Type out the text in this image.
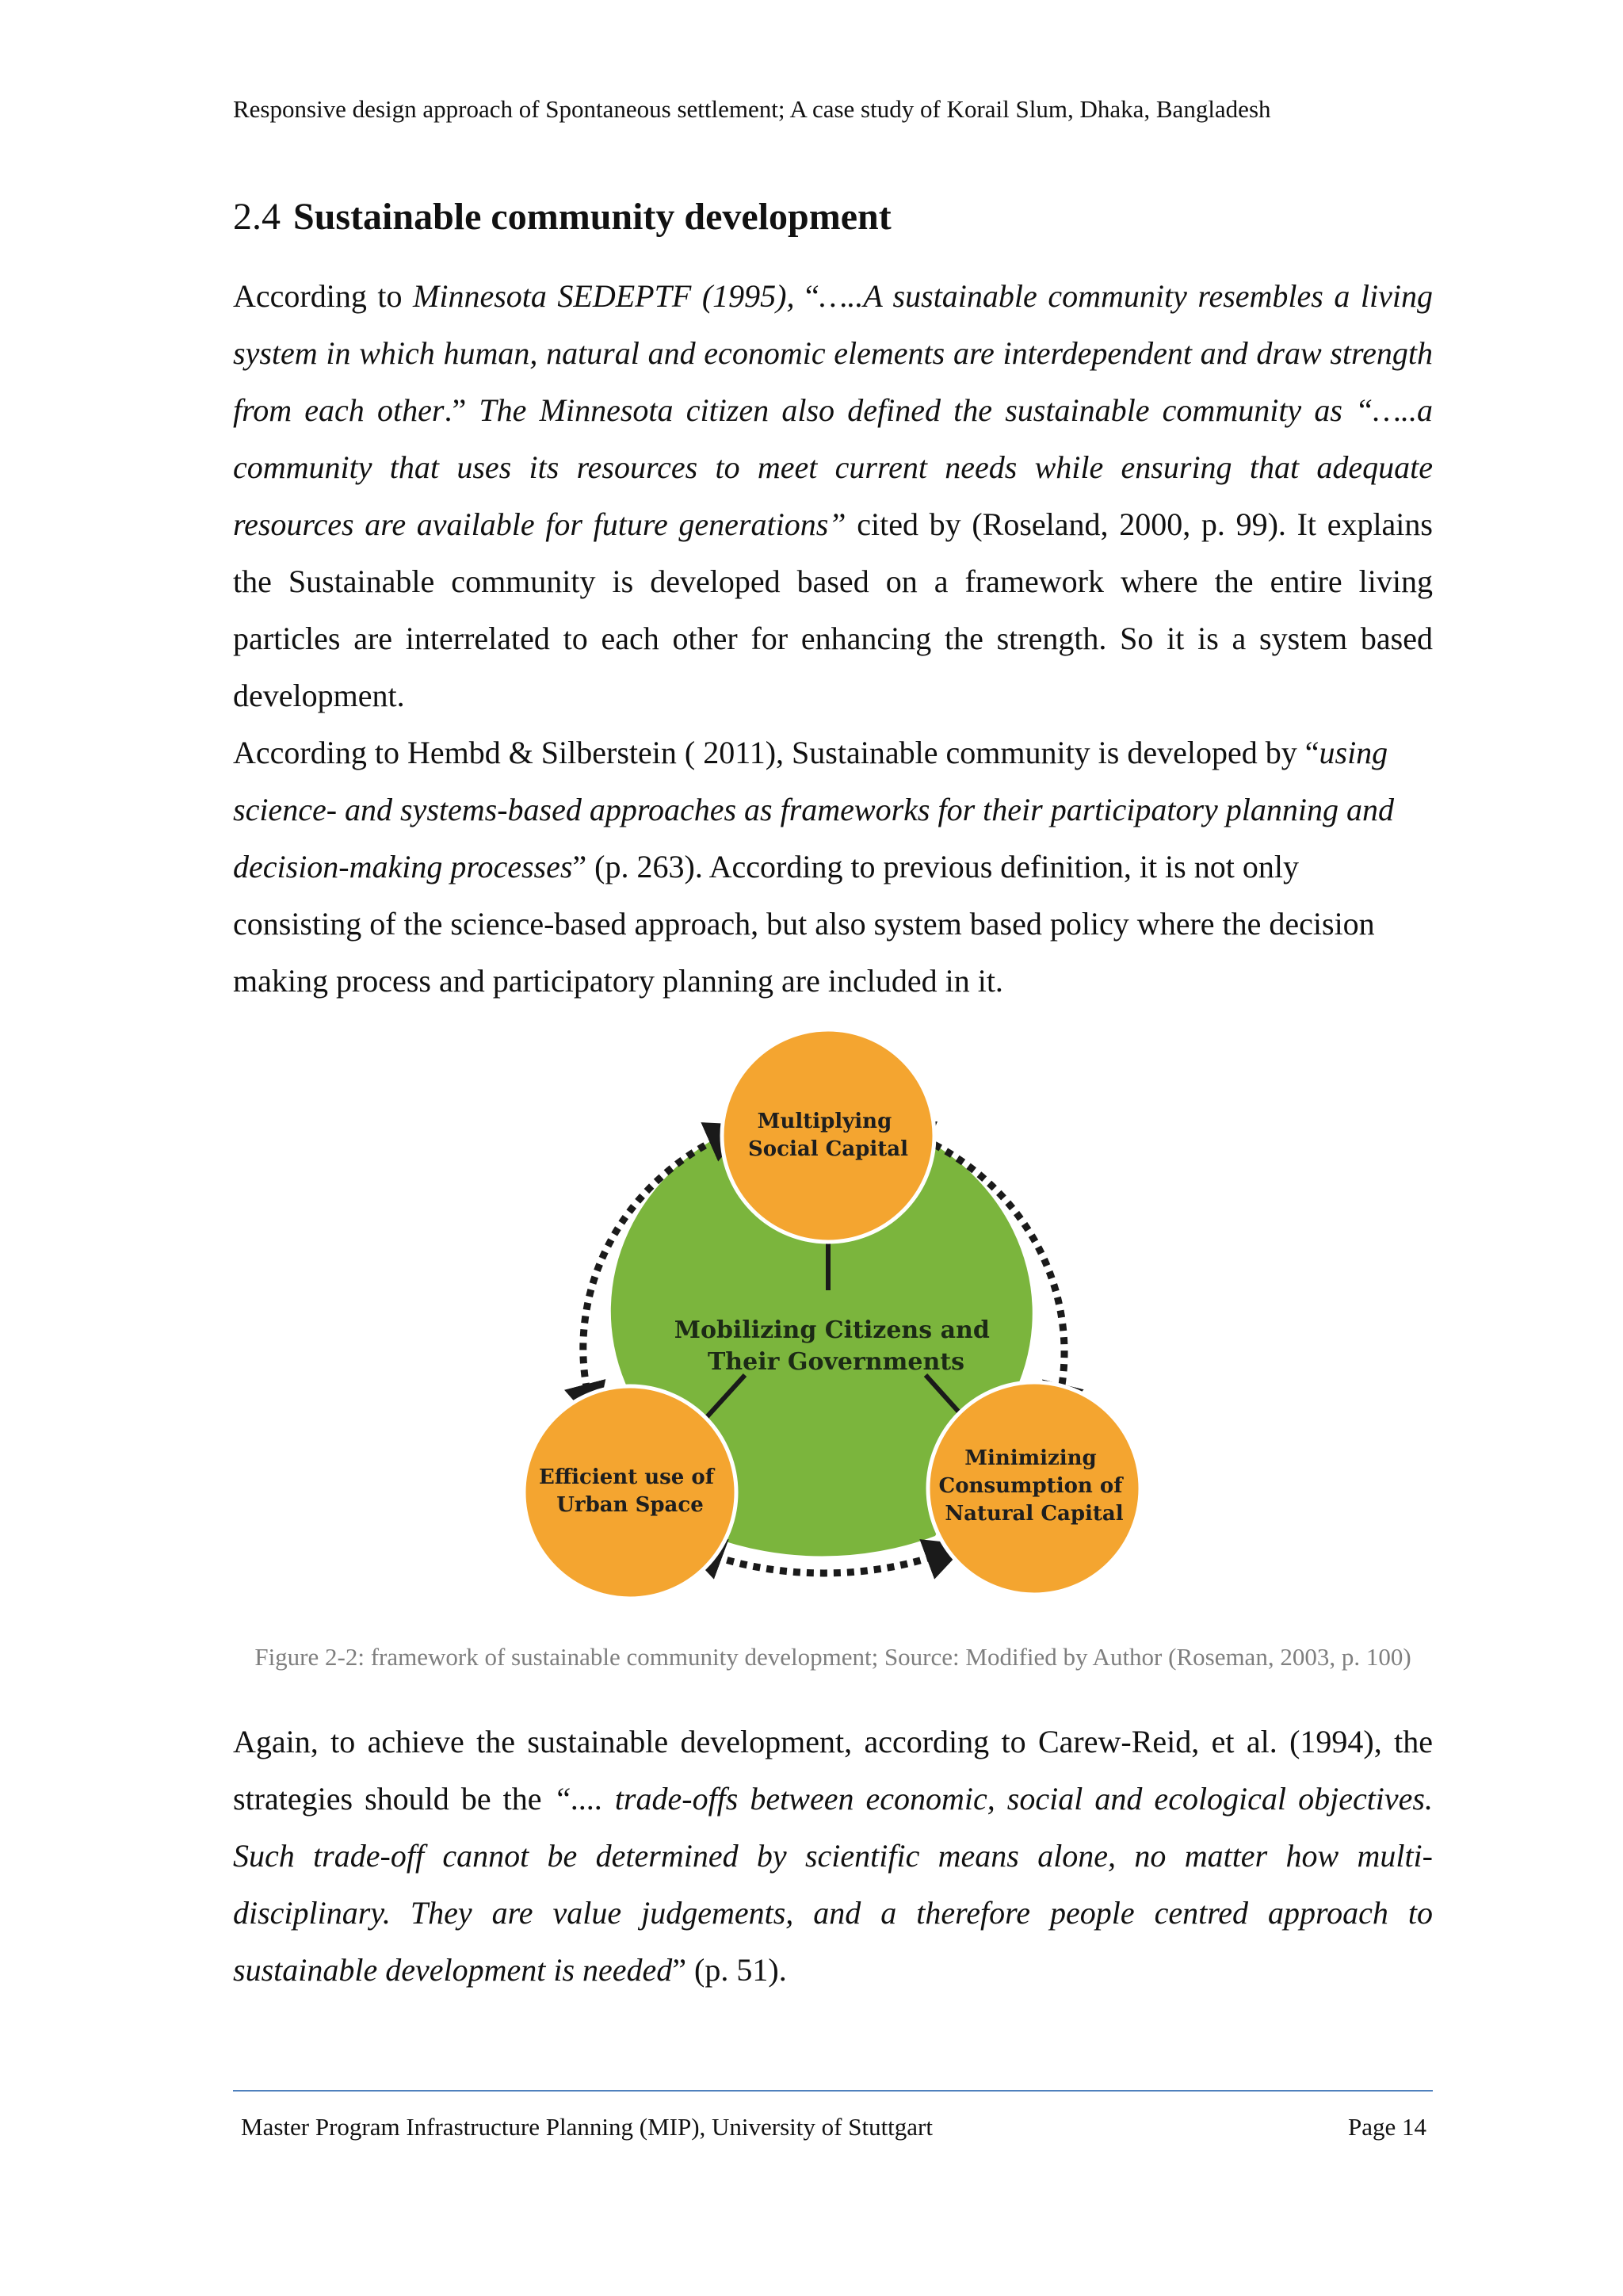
Responsive design approach of Spontaneous settlement; A case study of Korail Slum, Dhaka, Bangladesh
2.4 Sustainable community development

According to Minnesota SEDEPTF (1995), “…..A sustainable community resembles a living system in which human, natural and economic elements are interdependent and draw strength from each other.” The Minnesota citizen also defined the sustainable community as “…..a community that uses its resources to meet current needs while ensuring that adequate resources are available for future generations” cited by (Roseland, 2000, p. 99). It explains the Sustainable community is developed based on a framework where the entire living particles are interrelated to each other for enhancing the strength. So it is a system based development.

According to Hembd & Silberstein ( 2011), Sustainable community is developed by “using science- and systems-based approaches as frameworks for their participatory planning and decision-making processes” (p. 263). According to previous definition, it is not only consisting of the science-based approach, but also system based policy where the decision making process and participatory planning are included in it.

Multiplying Social Capital
Mobilizing Citizens and Their Governments
Efficient use of Urban Space
Minimizing Consumption of Natural Capital
Figure 2-2: framework of sustainable community development; Source: Modified by Author (Roseman, 2003, p. 100)

Again, to achieve the sustainable development, according to Carew-Reid, et al. (1994), the strategies should be the “.... trade-offs between economic, social and ecological objectives. Such trade-off cannot be determined by scientific means alone, no matter how multi-disciplinary. They are value judgements, and a therefore people centred approach to sustainable development is needed” (p. 51).

Master Program Infrastructure Planning (MIP), University of Stuttgart	Page 14
